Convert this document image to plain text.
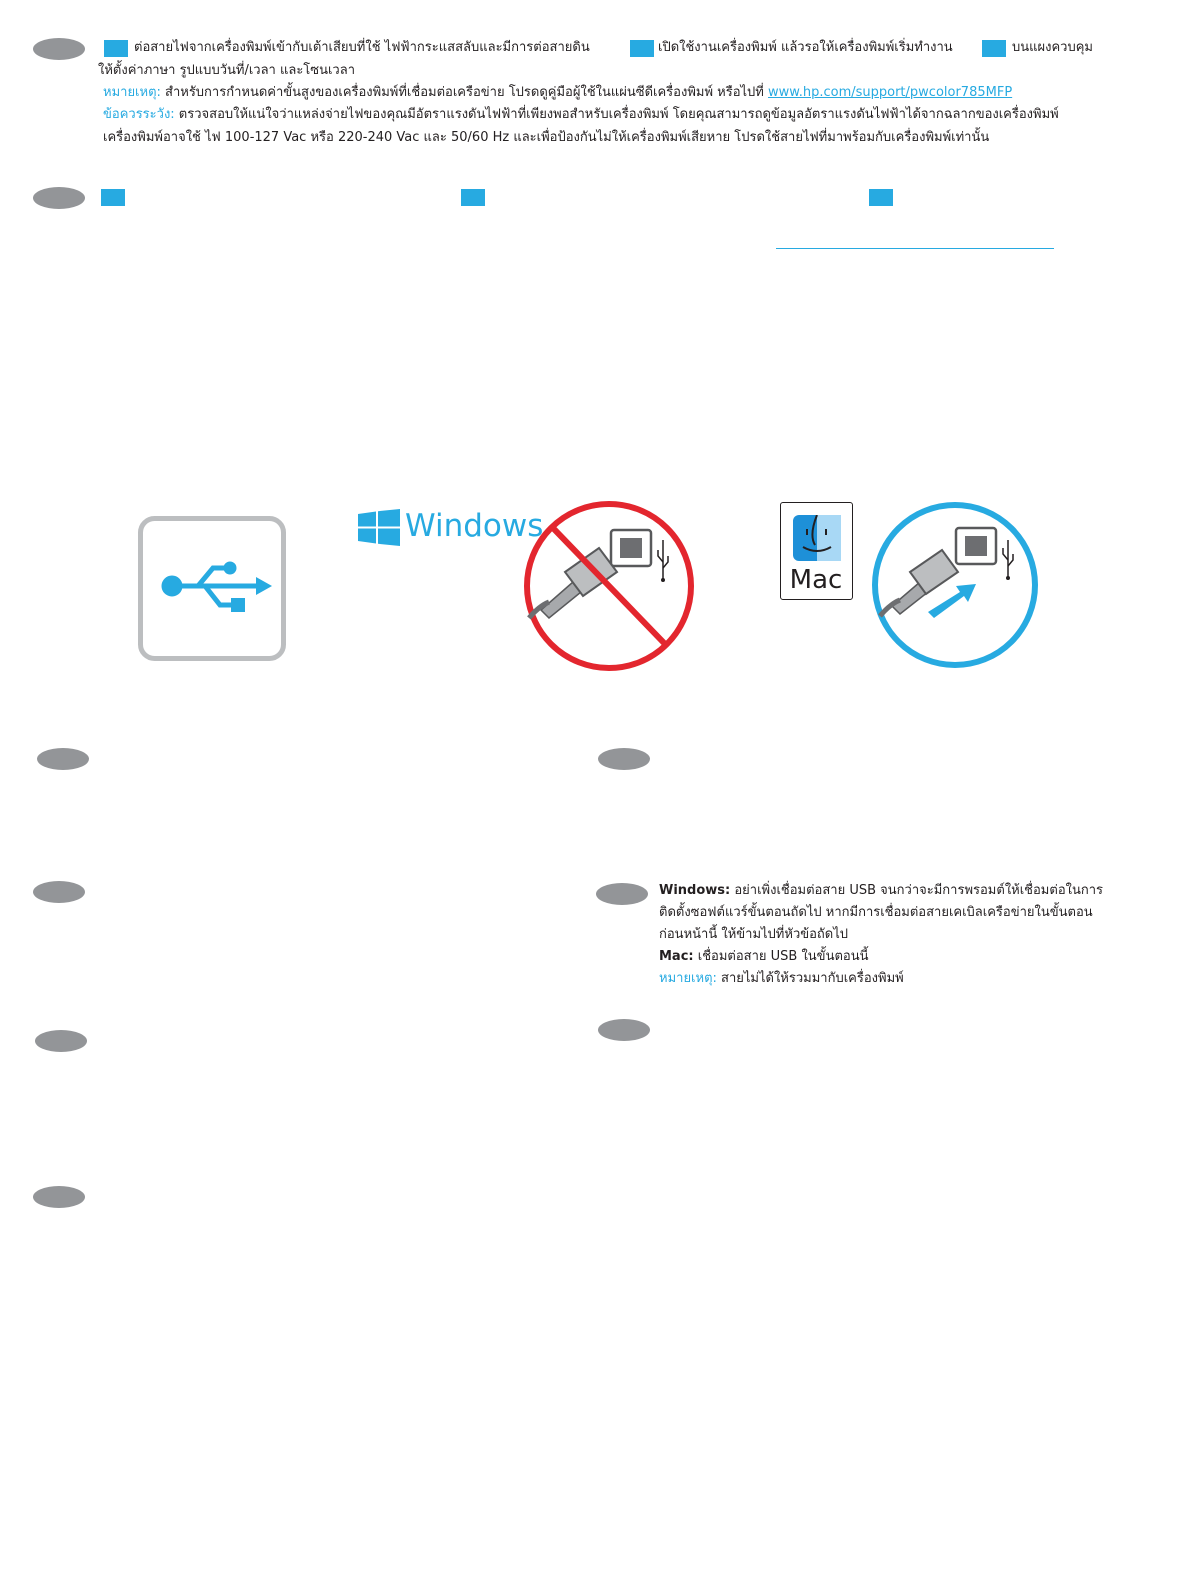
ต่อสายไฟจากเครื่องพิมพ์เข้ากับเต้าเสียบที่ใช้ ไฟฟ้ากระแสสลับและมีการต่อสายดิน	เปิดใช้งานเครื่องพิมพ์ แล้วรอให้เครื่องพิมพ์เริ่มทำงาน	บนแผงควบคุม
ให้ตั้งค่าภาษา รูปแบบวันที่/เวลา และโซนเวลา
หมายเหตุ: สำหรับการกำหนดค่าขั้นสูงของเครื่องพิมพ์ที่เชื่อมต่อเครือข่าย โปรดดูคู่มือผู้ใช้ในแผ่นซีดีเครื่องพิมพ์ หรือไปที่ www.hp.com/support/pwcolor785MFP
ข้อควรระวัง: ตรวจสอบให้แน่ใจว่าแหล่งจ่ายไฟของคุณมีอัตราแรงดันไฟฟ้าที่เพียงพอสำหรับเครื่องพิมพ์ โดยคุณสามารถดูข้อมูลอัตราแรงดันไฟฟ้าได้จากฉลากของเครื่องพิมพ์
เครื่องพิมพ์อาจใช้ ไฟ 100-127 Vac หรือ 220-240 Vac และ 50/60 Hz และเพื่อป้องกันไม่ให้เครื่องพิมพ์เสียหาย โปรดใช้สายไฟที่มาพร้อมกับเครื่องพิมพ์เท่านั้น
Windows
Mac
Windows: อย่าเพิ่งเชื่อมต่อสาย USB จนกว่าจะมีการพรอมต์ให้เชื่อมต่อในการ
ติดตั้งซอฟต์แวร์ขั้นตอนถัดไป หากมีการเชื่อมต่อสายเคเบิลเครือข่ายในขั้นตอน
ก่อนหน้านี้ ให้ข้ามไปที่หัวข้อถัดไป
Mac: เชื่อมต่อสาย USB ในขั้นตอนนี้
หมายเหตุ: สายไม่ได้ให้รวมมากับเครื่องพิมพ์
